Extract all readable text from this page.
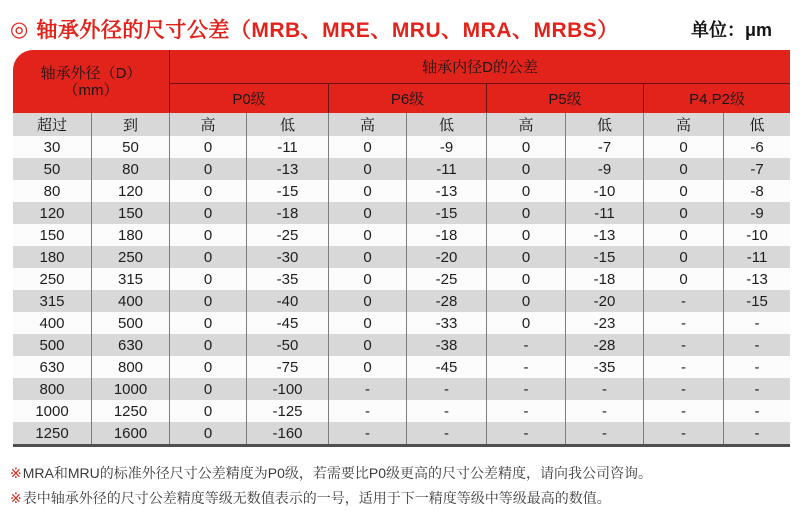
◎ 轴承外径的尺寸公差（MRB、MRE、MRU、MRA、MRBS）	单位：μm
轴承外径（D）
（mm）		轴承内径D的公差							
		P0级		P6级		P5级		P4.P2级	
超过	到	高	低	高	低	高	低	高	低
30	50	0	-11	0	-9	0	-7	0	-6
50	80	0	-13	0	-11	0	-9	0	-7
80	120	0	-15	0	-13	0	-10	0	-8
120	150	0	-18	0	-15	0	-11	0	-9
150	180	0	-25	0	-18	0	-13	0	-10
180	250	0	-30	0	-20	0	-15	0	-11
250	315	0	-35	0	-25	0	-18	0	-13
315	400	0	-40	0	-28	0	-20	-	-15
400	500	0	-45	0	-33	0	-23	-	-
500	630	0	-50	0	-38	-	-28	-	-
630	800	0	-75	0	-45	-	-35	-	-
800	1000	0	-100	-	-	-	-	-	-
1000	1250	0	-125	-	-	-	-	-	-
1250	1600	0	-160	-	-	-	-	-	-
※MRA和MRU的标准外径尺寸公差精度为P0级，若需要比P0级更高的尺寸公差精度，请向我公司咨询。
※表中轴承外径的尺寸公差精度等级无数值表示的一号，适用于下一精度等级中等级最高的数值。
